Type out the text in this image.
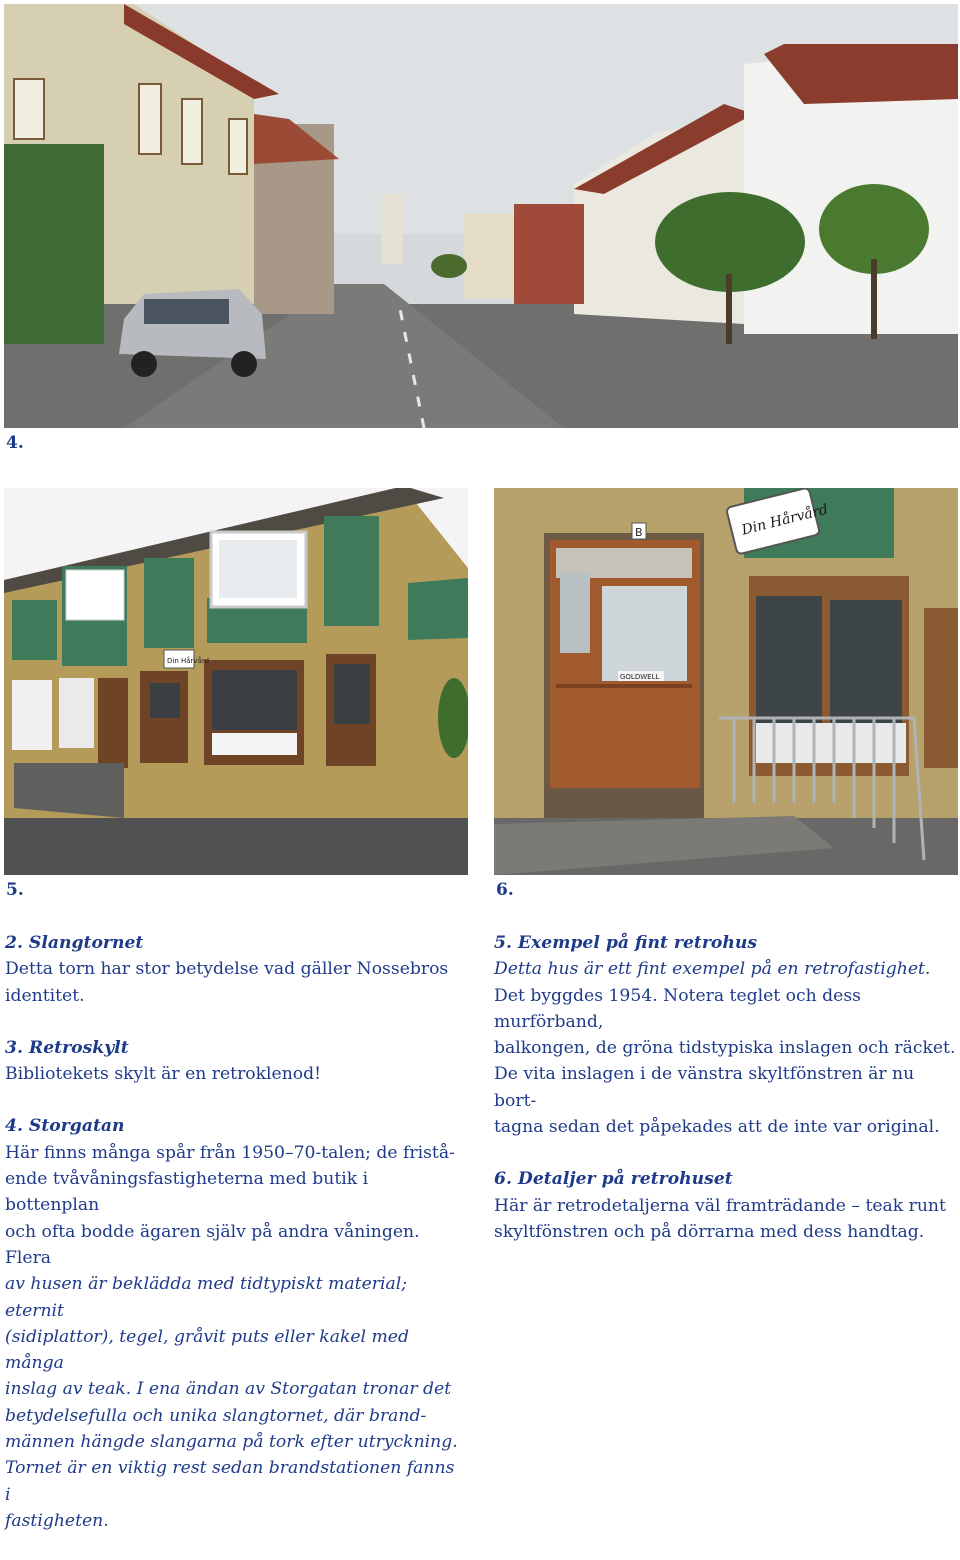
4.
Din Hårvård
5.
Din Hårvård
B
GOLDWELL
6.
2. Slangtornet

Detta torn har stor betydelse vad gäller Nossebros

identitet.

3. Retroskylt

Bibliotekets skylt är en retroklenod!

4. Storgatan

Här finns många spår från 1950–70-talen; de fristå-

ende tvåvåningsfastigheterna med butik i bottenplan

och ofta bodde ägaren själv på andra våningen. Flera

av husen är beklädda med tidtypiskt material; eternit

(sidiplattor), tegel, gråvit puts eller kakel med många

inslag av teak. I ena ändan av Storgatan tronar det

betydelsefulla och unika slangtornet, där brand-

männen hängde slangarna på tork efter utryckning.

Tornet är en viktig rest sedan brandstationen fanns i

fastigheten.

5. Exempel på fint retrohus

Detta hus är ett fint exempel på en retrofastighet.

Det byggdes 1954. Notera teglet och dess murförband,

balkongen, de gröna tidstypiska inslagen och räcket.

De vita inslagen i de vänstra skyltfönstren är nu bort-

tagna sedan det påpekades att de inte var original.

6. Detaljer på retrohuset

Här är retrodetaljerna väl framträdande – teak runt

skyltfönstren och på dörrarna med dess handtag.
